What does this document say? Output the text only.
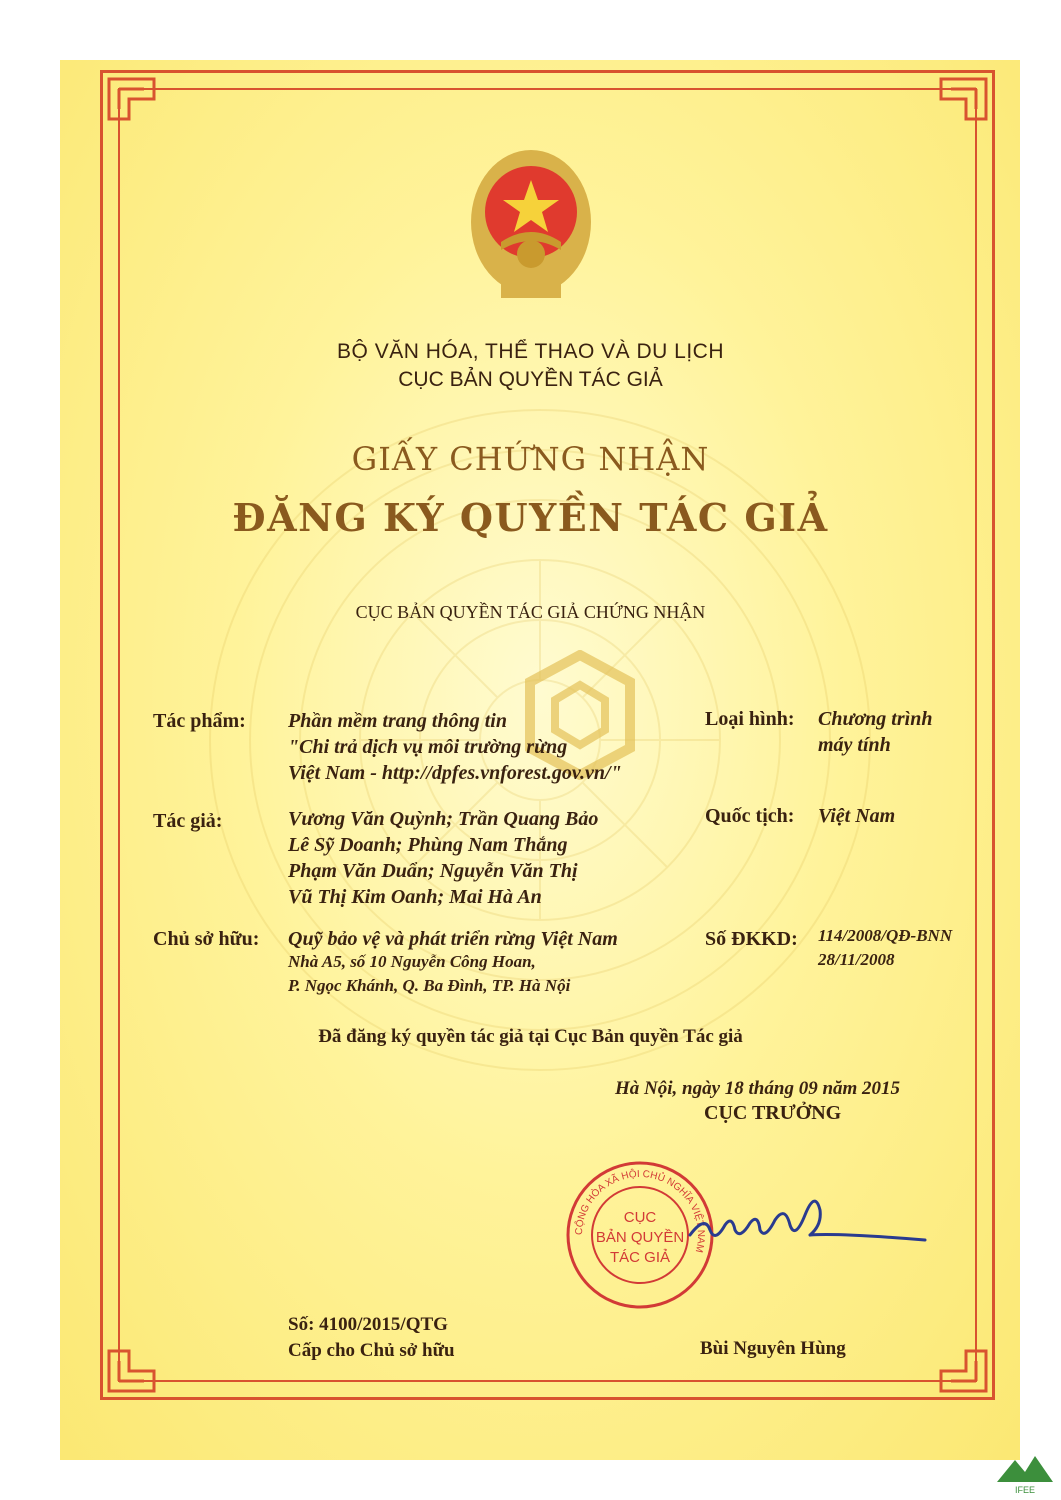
BỘ VĂN HÓA, THỂ THAO VÀ DU LỊCH
CỤC BẢN QUYỀN TÁC GIẢ
GIẤY CHỨNG NHẬN
ĐĂNG KÝ QUYỀN TÁC GIẢ
CỤC BẢN QUYỀN TÁC GIẢ CHỨNG NHẬN
Tác phẩm: Phần mềm trang thông tin
"Chi trả dịch vụ môi trường rừng
Việt Nam - http://dpfes.vnforest.gov.vn/"
Loại hình: Chương trình
máy tính
Tác giả:	Vương Văn Quỳnh; Trần Quang Bảo
Lê Sỹ Doanh; Phùng Nam Thắng
Phạm Văn Duẩn; Nguyễn Văn Thị
Vũ Thị Kim Oanh; Mai Hà An
Quốc tịch: Việt Nam
Chủ sở hữu: Quỹ bảo vệ và phát triển rừng Việt Nam
Nhà A5, số 10 Nguyễn Công Hoan,
P. Ngọc Khánh, Q. Ba Đình, TP. Hà Nội
Số ĐKKD: 114/2008/QĐ-BNN
28/11/2008
Đã đăng ký quyền tác giả tại Cục Bản quyền Tác giả
Hà Nội, ngày 18 tháng 09 năm 2015
CỤC TRƯỞNG
CỘNG HÒA XÃ HỘI CHỦ NGHĨA VIỆT NAM
CỤC
BẢN QUYỀN
TÁC GIẢ
Số: 4100/2015/QTG
Cấp cho Chủ sở hữu	Bùi Nguyên Hùng
IFEE
